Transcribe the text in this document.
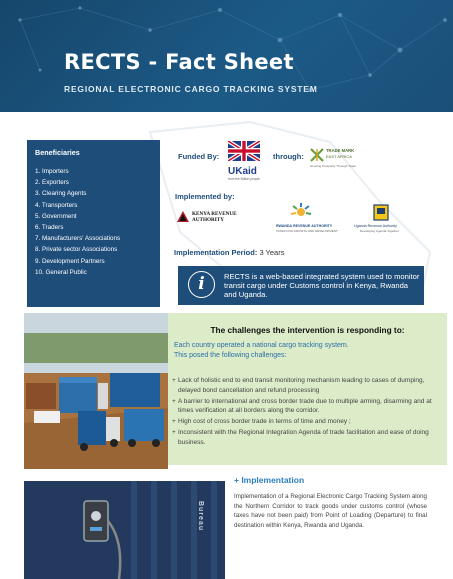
RECTS - Fact Sheet
REGIONAL ELECTRONIC CARGO TRACKING SYSTEM
Beneficiaries
1. Importers
2. Exporters
3. Clearing Agents
4. Transporters
5. Government
6. Traders
7. Manufacturers' Associations
8. Private sector Associations
9. Development Partners
10. General Public
Funded By:
UKaid
from the British people
through:
TRADE MARK
EAST AFRICA
Growing Prosperity Through Trade
Implemented by:
KENYA REVENUE AUTHORITY
RWANDA REVENUE AUTHORITY
TAXES FOR GROWTH AND DEVELOPMENT
Uganda Revenue Authority
Developing Uganda Together
Implementation Period: 3 Years
i	RECTS is a web-based integrated system used to monitor transit cargo under Customs control in Kenya, Rwanda and Uganda.

The challenges the intervention is responding to:
Each country operated a national cargo tracking system.
This posed the following challenges:
+ Lack of holistic end to end transit monitoring mechanism leading to cases of dumping, delayed bond cancellation and refund processing
+ A barrier to international and cross border trade due to multiple arming, disarming and at times verification at all borders along the corridor.
+ High cost of cross border trade in terms of time and money ;
+ Inconsistent with the Regional Integration Agenda of trade facilitation and ease of doing business.
Bureau
+ Implementation
Implementation of a Regional Electronic Cargo Tracking System along the Northern Corridor to track goods under customs control (whose taxes have not been paid) from Point of Loading (Departure) to final destination within Kenya, Rwanda and Uganda.
